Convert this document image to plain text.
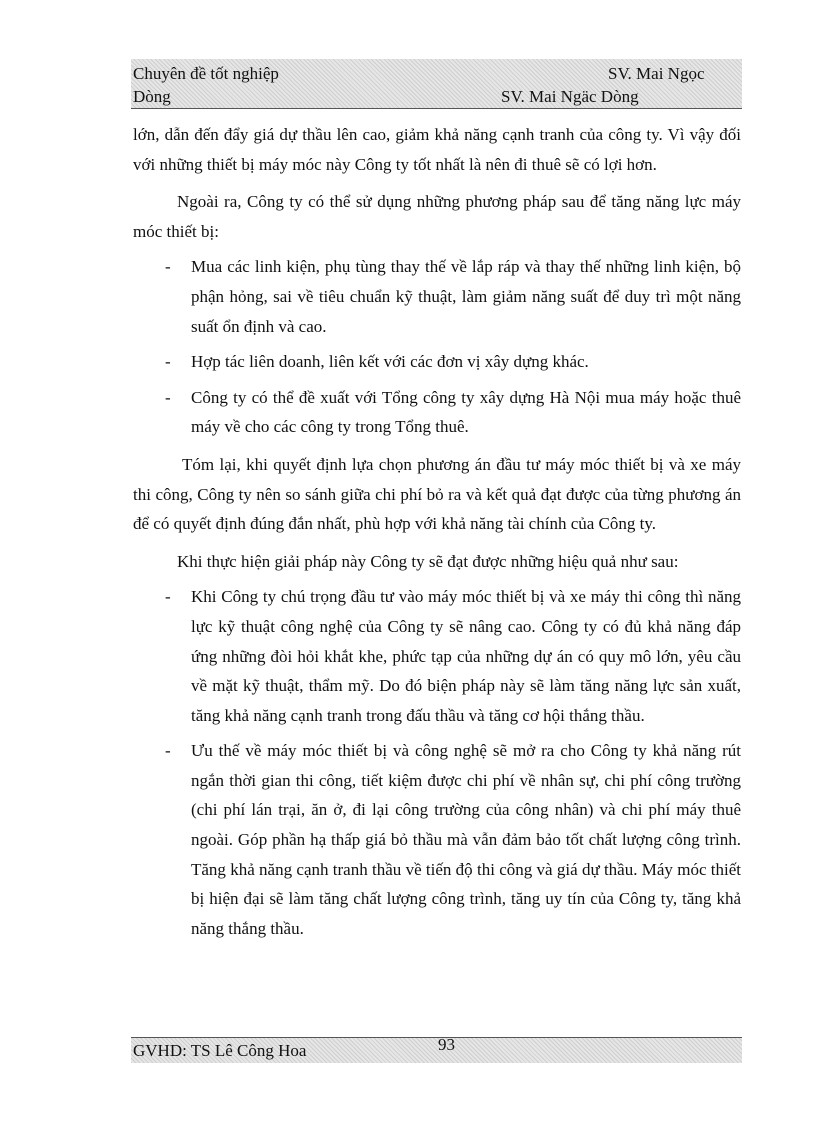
Chuyên đề tốt nghiệp
Dòng
SV. Mai Ngọc
SV. Mai Ngäc Dòng

lớn, dẫn đến đẩy giá dự thầu lên cao, giảm khả năng cạnh tranh của công ty. Vì vậy đối với những thiết bị máy móc này Công ty tốt nhất là nên đi thuê sẽ có lợi hơn.

Ngoài ra, Công ty có thể sử dụng những phương pháp sau để tăng năng lực máy móc thiết bị:

- Mua các linh kiện, phụ tùng thay thế về lắp ráp và thay thế những linh kiện, bộ phận hỏng, sai về tiêu chuẩn kỹ thuật, làm giảm năng suất để duy trì một năng suất ổn định và cao.
- Hợp tác liên doanh, liên kết với các đơn vị xây dựng khác.
- Công ty có thể đề xuất với Tổng công ty xây dựng Hà Nội mua máy hoặc thuê máy về cho các công ty trong Tổng thuê.

Tóm lại, khi quyết định lựa chọn phương án đầu tư máy móc thiết bị và xe máy thi công, Công ty nên so sánh giữa chi phí bỏ ra và kết quả đạt được của từng phương án để có quyết định đúng đắn nhất, phù hợp với khả năng tài chính của Công ty.

Khi thực hiện giải pháp này Công ty sẽ đạt được những hiệu quả như sau:

- Khi Công ty chú trọng đầu tư vào máy móc thiết bị và xe máy thi công thì năng lực kỹ thuật công nghệ của Công ty sẽ nâng cao. Công ty có đủ khả năng đáp ứng những đòi hỏi khắt khe, phức tạp của những dự án có quy mô lớn, yêu cầu về mặt kỹ thuật, thẩm mỹ. Do đó biện pháp này sẽ làm tăng năng lực sản xuất, tăng khả năng cạnh tranh trong đấu thầu và tăng cơ hội thắng thầu.
- Ưu thế về máy móc thiết bị và công nghệ sẽ mở ra cho Công ty khả năng rút ngắn thời gian thi công, tiết kiệm được chi phí về nhân sự, chi phí công trường (chi phí lán trại, ăn ở, đi lại công trường của công nhân) và chi phí máy thuê ngoài. Góp phần hạ thấp giá bỏ thầu mà vẫn đảm bảo tốt chất lượng công trình. Tăng khả năng cạnh tranh thầu về tiến độ thi công và giá dự thầu. Máy móc thiết bị hiện đại sẽ làm tăng chất lượng công trình, tăng uy tín của Công ty, tăng khả năng thắng thầu.
GVHD: TS Lê Công Hoa	93
